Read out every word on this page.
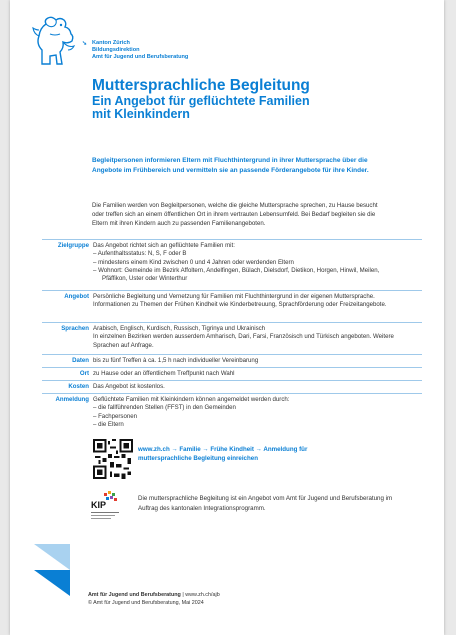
➘ Kanton Zürich
Bildungsdirektion
Amt für Jugend und Berufsberatung
Muttersprachliche Begleitung
Ein Angebot für geflüchtete Familien
mit Kleinkindern
Begleitpersonen informieren Eltern mit Fluchthintergrund in ihrer Muttersprache über die Angebote im Frühbereich und vermitteln sie an passende Förderangebote für ihre Kinder.
Die Familien werden von Begleitpersonen, welche die gleiche Muttersprache sprechen, zu Hause besucht oder treffen sich an einem öffentlichen Ort in ihrem vertrauten Lebensumfeld. Bei Bedarf begleiten sie die Eltern mit ihren Kindern auch zu passenden Familienangeboten.
Zielgruppe Das Angebot richtet sich an geflüchtete Familien mit:
– Aufenthaltsstatus: N, S, F oder B
– mindestens einem Kind zwischen 0 und 4 Jahren oder werdenden Eltern
– Wohnort: Gemeinde im Bezirk Affoltern, Andelfingen, Bülach, Dielsdorf, Dietikon, Horgen, Hinwil, Meilen, Pfäffikon, Uster oder Winterthur
Angebot Persönliche Begleitung und Vernetzung für Familien mit Fluchthintergrund in der eigenen Muttersprache. Informationen zu Themen der Frühen Kindheit wie Kinderbetreuung, Sprachförderung oder Freizeitangebote.
Sprachen Arabisch, Englisch, Kurdisch, Russisch, Tigrinya und Ukrainisch
In einzelnen Bezirken werden ausserdem Amharisch, Dari, Farsi, Französisch und Türkisch angeboten. Weitere Sprachen auf Anfrage.
Daten bis zu fünf Treffen à ca. 1,5 h nach individueller Vereinbarung
Ort zu Hause oder an öffentlichem Treffpunkt nach Wahl
Kosten Das Angebot ist kostenlos.
Anmeldung Geflüchtete Familien mit Kleinkindern können angemeldet werden durch:
– die fallführenden Stellen (FFST) in den Gemeinden
– Fachpersonen
– die Eltern
www.zh.ch → Familie → Frühe Kindheit → Anmeldung für
muttersprachliche Begleitung einreichen
KIP
Die muttersprachliche Begleitung ist ein Angebot vom Amt für Jugend und Berufsberatung im Auftrag des kantonalen Integrationsprogramm.
Amt für Jugend und Berufsberatung | www.zh.ch/ajb
© Amt für Jugend und Berufsberatung, Mai 2024
